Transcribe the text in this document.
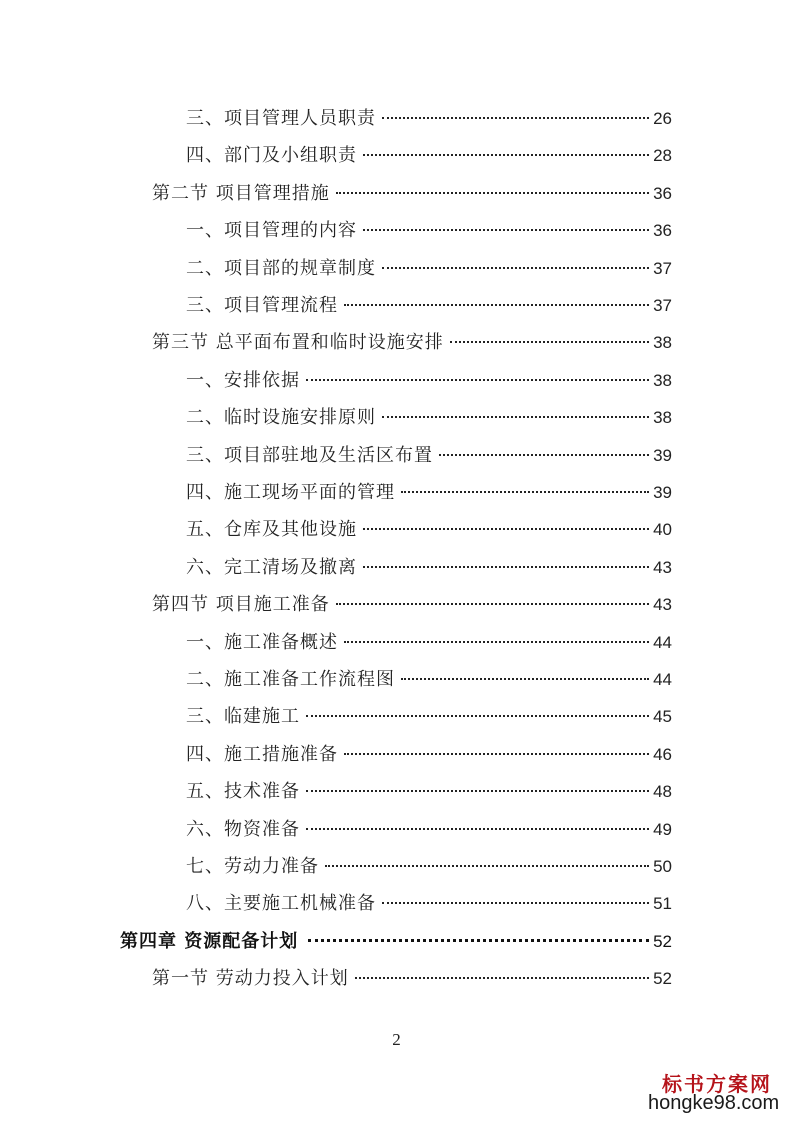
三、项目管理人员职责	26
四、部门及小组职责	28
第二节 项目管理措施	36
一、项目管理的内容	36
二、项目部的规章制度	37
三、项目管理流程	37
第三节 总平面布置和临时设施安排	38
一、安排依据	38
二、临时设施安排原则	38
三、项目部驻地及生活区布置	39
四、施工现场平面的管理	39
五、仓库及其他设施	40
六、完工清场及撤离	43
第四节 项目施工准备	43
一、施工准备概述	44
二、施工准备工作流程图	44
三、临建施工	45
四、施工措施准备	46
五、技术准备	48
六、物资准备	49
七、劳动力准备	50
八、主要施工机械准备	51
第四章 资源配备计划	52
第一节 劳动力投入计划	52
2
标书方案网
hongke98.com
